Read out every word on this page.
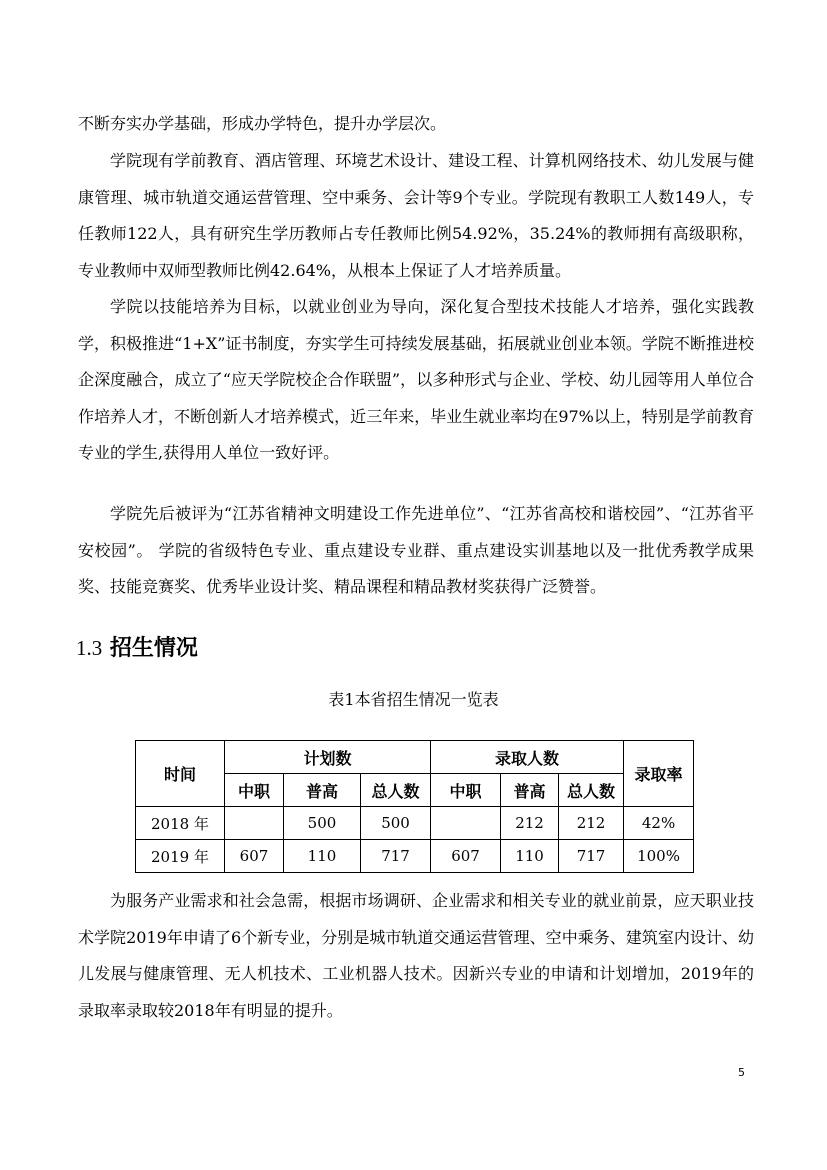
不断夯实办学基础，形成办学特色，提升办学层次。

学院现有学前教育、酒店管理、环境艺术设计、建设工程、计算机网络技术、幼儿发展与健康管理、城市轨道交通运营管理、空中乘务、会计等9个专业。学院现有教职工人数149人，专任教师122人，具有研究生学历教师占专任教师比例54.92%，35.24%的教师拥有高级职称，专业教师中双师型教师比例42.64%，从根本上保证了人才培养质量。

学院以技能培养为目标，以就业创业为导向，深化复合型技术技能人才培养，强化实践教学，积极推进“1+X”证书制度，夯实学生可持续发展基础，拓展就业创业本领。学院不断推进校企深度融合，成立了“应天学院校企合作联盟”，以多种形式与企业、学校、幼儿园等用人单位合作培养人才，不断创新人才培养模式，近三年来，毕业生就业率均在97%以上，特别是学前教育专业的学生,获得用人单位一致好评。

学院先后被评为“江苏省精神文明建设工作先进单位”、“江苏省高校和谐校园”、“江苏省平安校园”。 学院的省级特色专业、重点建设专业群、重点建设实训基地以及一批优秀教学成果奖、技能竞赛奖、优秀毕业设计奖、精品课程和精品教材奖获得广泛赞誉。

1.3 招生情况

表1本省招生情况一览表

时间	计划数			录取人数			录取率
	中职	普高	总人数	中职	普高	总人数	
2018 年		500	500		212	212	42%
2019 年	607	110	717	607	110	717	100%

为服务产业需求和社会急需，根据市场调研、企业需求和相关专业的就业前景，应天职业技术学院2019年申请了6个新专业，分别是城市轨道交通运营管理、空中乘务、建筑室内设计、幼儿发展与健康管理、无人机技术、工业机器人技术。因新兴专业的申请和计划增加，2019年的录取率录取较2018年有明显的提升。

5
